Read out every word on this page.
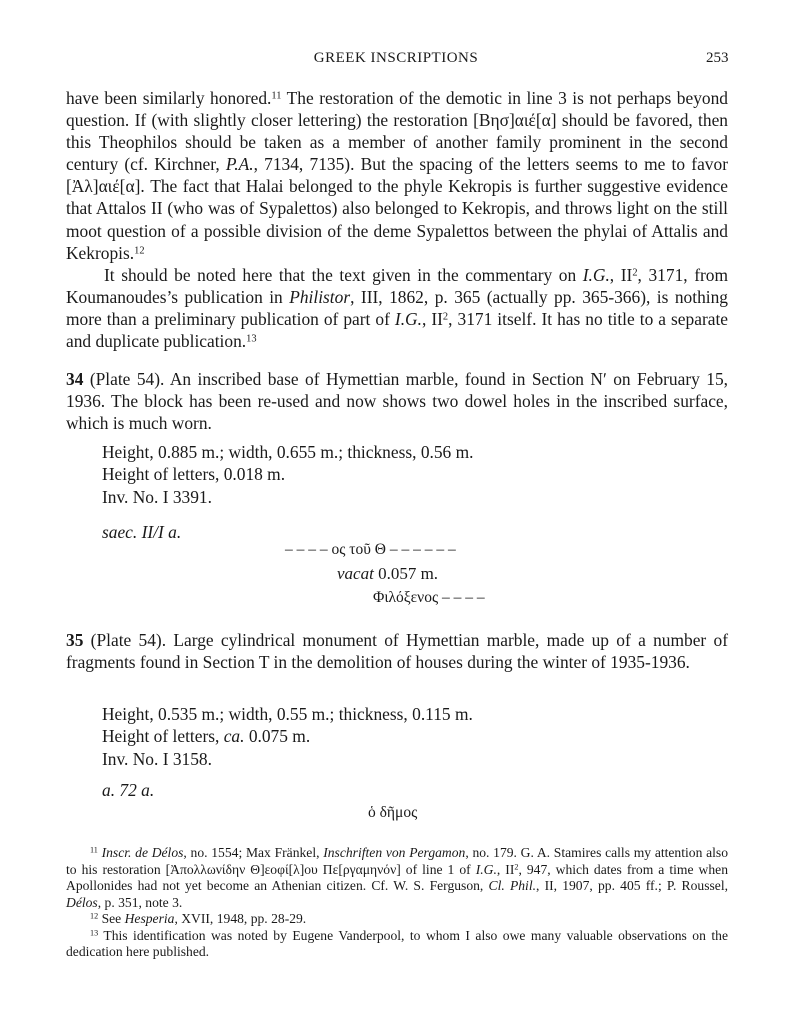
GREEK INSCRIPTIONS	253

have been similarly honored.$^{11}$ The restoration of the demotic in line 3 is not perhaps beyond question. If (with slightly closer lettering) the restoration [Βησ]αιέ[α] should be favored, then this Theophilos should be taken as a member of another family prominent in the second century (cf. Kirchner, P.A., 7134, 7135). But the spacing of the letters seems to me to favor [Ἀλ]αιέ[α]. The fact that Halai belonged to the phyle Kekropis is further suggestive evidence that Attalos II (who was of Sypalettos) also belonged to Kekropis, and throws light on the still moot question of a possible division of the deme Sypalettos between the phylai of Attalis and Kekropis.$^{12}$

It should be noted here that the text given in the commentary on I.G., $II^2$, 3171, from Koumanoudes’s publication in Philistor, III, 1862, p. 365 (actually pp. 365-366), is nothing more than a preliminary publication of part of I.G., $II^2$, 3171 itself. It has no title to a separate and duplicate publication.$^{13}$

34 (Plate 54). An inscribed base of Hymettian marble, found in Section Nʹ on February 15, 1936. The block has been re-used and now shows two dowel holes in the inscribed surface, which is much worn.

Height, 0.885 m.; width, 0.655 m.; thickness, 0.56 m.
Height of letters, 0.018 m.
Inv. No. I 3391.
saec. II/I a.
– – – – ος τοῦ Θ – – – – – –
vacat 0.057 m.
Φιλόξενος – – – –

35 (Plate 54). Large cylindrical monument of Hymettian marble, made up of a number of fragments found in Section T in the demolition of houses during the winter of 1935-1936.

Height, 0.535 m.; width, 0.55 m.; thickness, 0.115 m.
Height of letters, ca. 0.075 m.
Inv. No. I 3158.
a. 72 a.
ὁ δῆμος

$^{11}$ Inscr. de Délos, no. 1554; Max Fränkel, Inschriften von Pergamon, no. 179. G. A. Stamires calls my attention also to his restoration [Ἀπολλωνίδην Θ]εοφί[λ]ου Πε[ργαμηνόν] of line 1 of I.G., $II^2$, 947, which dates from a time when Apollonides had not yet become an Athenian citizen. Cf. W. S. Ferguson, Cl. Phil., II, 1907, pp. 405 ff.; P. Roussel, Délos, p. 351, note 3.

$^{12}$ See Hesperia, XVII, 1948, pp. 28-29.

$^{13}$ This identification was noted by Eugene Vanderpool, to whom I also owe many valuable observations on the dedication here published.
